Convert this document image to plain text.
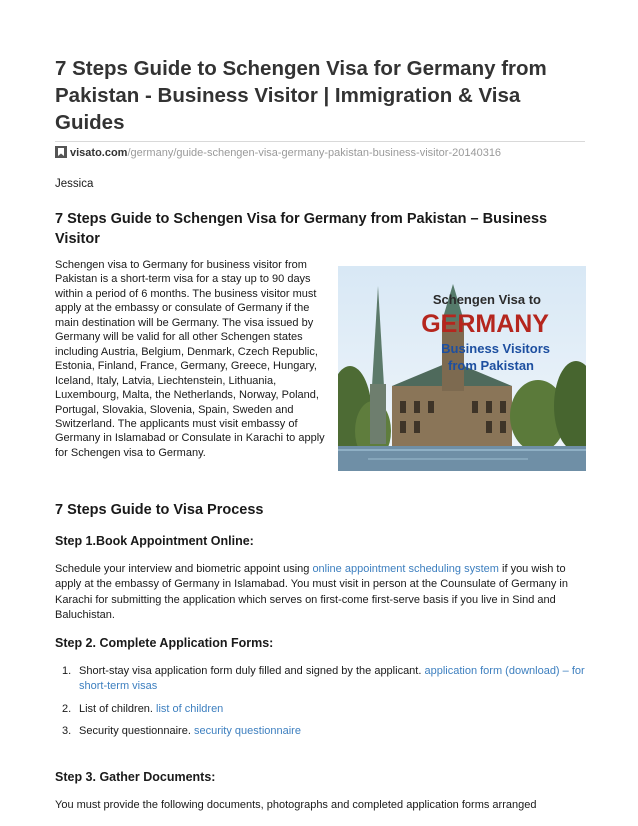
7 Steps Guide to Schengen Visa for Germany from Pakistan - Business Visitor | Immigration & Visa Guides
visato.com/germany/guide-schengen-visa-germany-pakistan-business-visitor-20140316
Jessica
7 Steps Guide to Schengen Visa for Germany from Pakistan – Business Visitor
Schengen visa to Germany for business visitor from Pakistan is a short-term visa for a stay up to 90 days within a period of 6 months. The business visitor must apply at the embassy or consulate of Germany if the main destination will be Germany. The visa issued by Germany will be valid for all other Schengen states including Austria, Belgium, Denmark, Czech Republic, Estonia, Finland, France, Germany, Greece, Hungary, Iceland, Italy, Latvia, Liechtenstein, Lithuania, Luxembourg, Malta, the Netherlands, Norway, Poland, Portugal, Slovakia, Slovenia, Spain, Sweden and Switzerland. The applicants must visit embassy of Germany in Islamabad or Consulate in Karachi to apply for Schengen visa to Germany.
Schengen Visa to
GERMANY
Business Visitors
from Pakistan
7 Steps Guide to Visa Process
Step 1.Book Appointment Online:
Schedule your interview and biometric appoint using online appointment scheduling system if you wish to apply at the embassy of Germany in Islamabad. You must visit in person at the Counsulate of Germany in Karachi for submitting the application which serves on first-come first-serve basis if you live in Sind and Baluchistan.
Step 2. Complete Application Forms:
1. Short-stay visa application form duly filled and signed by the applicant. application form (download) – for short-term visas
2. List of children. list of children
3. Security questionnaire. security questionnaire
Step 3. Gather Documents:
You must provide the following documents, photographs and completed application forms arranged
